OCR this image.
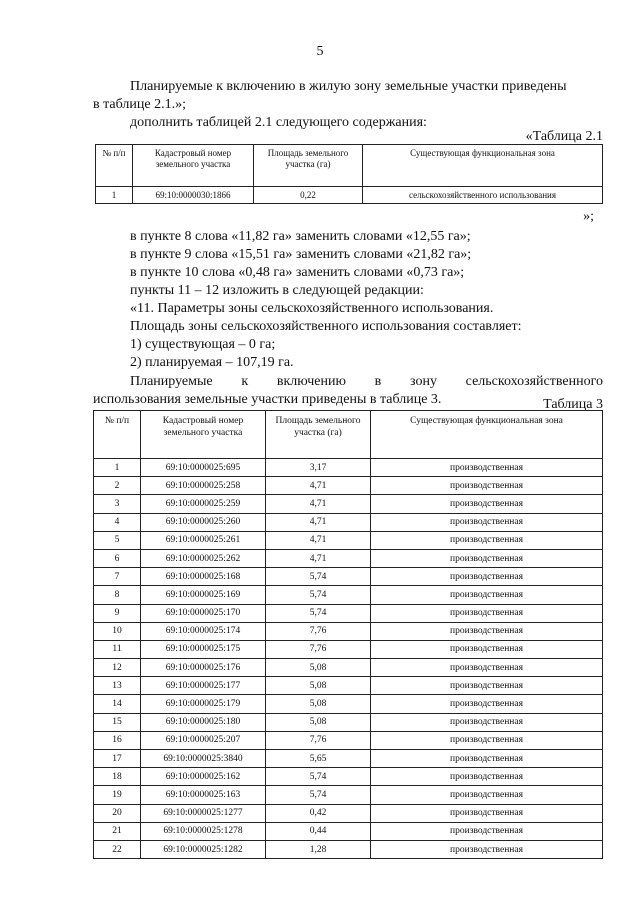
5
Планируемые к включению в жилую зону земельные участки приведены
в таблице 2.1.»;
дополнить таблицей 2.1 следующего содержания:
«Таблица 2.1
№ п/п	Кадастровый номер земельного участка	Площадь земельного участка (га)	Существующая функциональная зона
1	69:10:0000030:1866	0,22	сельскохозяйственного использования
»;
в пункте 8 слова «11,82 га» заменить словами «12,55 га»;
в пункте 9 слова «15,51 га» заменить словами «21,82 га»;
в пункте 10 слова «0,48 га» заменить словами «0,73 га»;
пункты 11 – 12 изложить в следующей редакции:
«11. Параметры зоны сельскохозяйственного использования.
Площадь зоны сельскохозяйственного использования составляет:
1) существующая – 0 га;
2) планируемая – 107,19 га.
Планируемые к включению в зону сельскохозяйственного
использования земельные участки приведены в таблице 3.	Таблица 3
№ п/п	Кадастровый номер земельного участка	Площадь земельного участка (га)	Существующая функциональная зона
1	69:10:0000025:695	3,17	производственная
2	69:10:0000025:258	4,71	производственная
3	69:10:0000025:259	4,71	производственная
4	69:10:0000025:260	4,71	производственная
5	69:10:0000025:261	4,71	производственная
6	69:10:0000025:262	4,71	производственная
7	69:10:0000025:168	5,74	производственная
8	69:10:0000025:169	5,74	производственная
9	69:10:0000025:170	5,74	производственная
10	69:10:0000025:174	7,76	производственная
11	69:10:0000025:175	7,76	производственная
12	69:10:0000025:176	5,08	производственная
13	69:10:0000025:177	5,08	производственная
14	69:10:0000025:179	5,08	производственная
15	69:10:0000025:180	5,08	производственная
16	69:10:0000025:207	7,76	производственная
17	69:10:0000025:3840	5,65	производственная
18	69:10:0000025:162	5,74	производственная
19	69:10:0000025:163	5,74	производственная
20	69:10:0000025:1277	0,42	производственная
21	69:10:0000025:1278	0,44	производственная
22	69:10:0000025:1282	1,28	производственная
